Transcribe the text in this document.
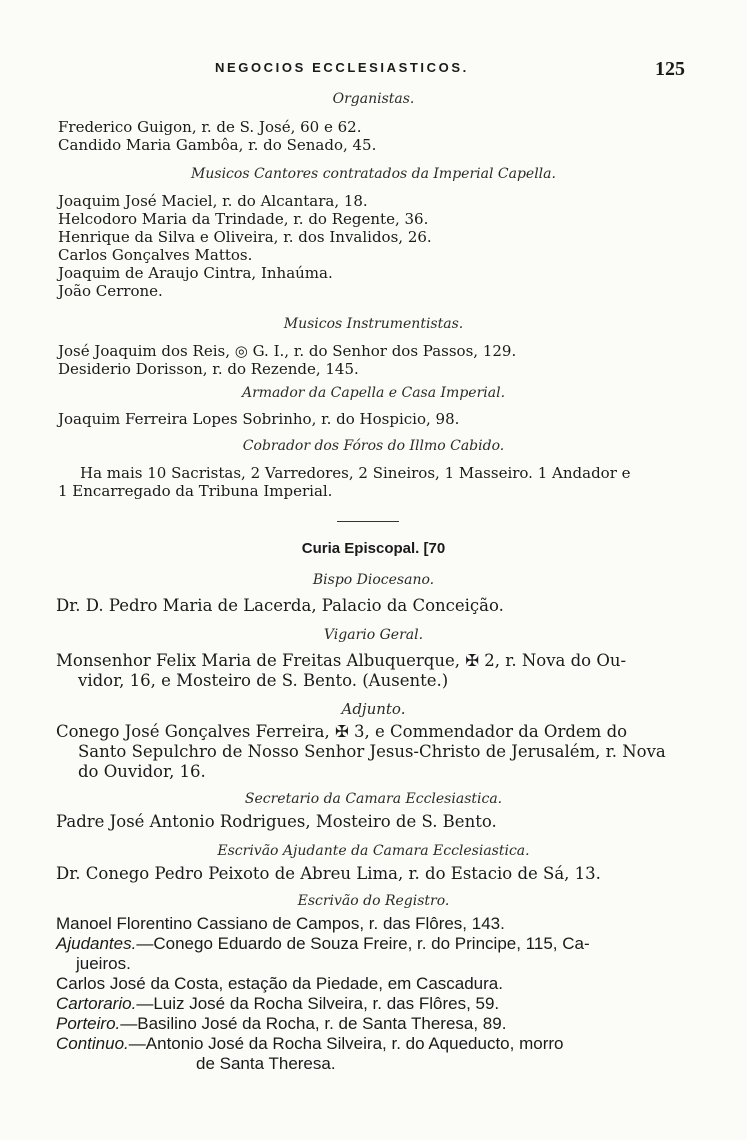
NEGOCIOS ECCLESIASTICOS.	125
Organistas.
Frederico Guigon, r. de S. José, 60 e 62.
Candido Maria Gambôa, r. do Senado, 45.
Musicos Cantores contratados da Imperial Capella.
Joaquim José Maciel, r. do Alcantara, 18.
Helcodoro Maria da Trindade, r. do Regente, 36.
Henrique da Silva e Oliveira, r. dos Invalidos, 26.
Carlos Gonçalves Mattos.
Joaquim de Araujo Cintra, Inhaúma.
João Cerrone.
Musicos Instrumentistas.
José Joaquim dos Reis, ◎ G. I., r. do Senhor dos Passos, 129.
Desiderio Dorisson, r. do Rezende, 145.
Armador da Capella e Casa Imperial.
Joaquim Ferreira Lopes Sobrinho, r. do Hospicio, 98.
Cobrador dos Fóros do Illmo Cabido.
Ha mais 10 Sacristas, 2 Varredores, 2 Sineiros, 1 Masseiro. 1 Andador e
1 Encarregado da Tribuna Imperial.
Curia Episcopal. [70
Bispo Diocesano.
Dr. D. Pedro Maria de Lacerda, Palacio da Conceição.
Vigario Geral.
Monsenhor Felix Maria de Freitas Albuquerque, ✠ 2, r. Nova do Ou-
vidor, 16, e Mosteiro de S. Bento. (Ausente.)
Adjunto.
Conego José Gonçalves Ferreira, ✠ 3, e Commendador da Ordem do
Santo Sepulchro de Nosso Senhor Jesus-Christo de Jerusalém, r. Nova
do Ouvidor, 16.
Secretario da Camara Ecclesiastica.
Padre José Antonio Rodrigues, Mosteiro de S. Bento.
Escrivão Ajudante da Camara Ecclesiastica.
Dr. Conego Pedro Peixoto de Abreu Lima, r. do Estacio de Sá, 13.
Escrivão do Registro.
Manoel Florentino Cassiano de Campos, r. das Flôres, 143.
Ajudantes.—Conego Eduardo de Souza Freire, r. do Principe, 115, Ca-
jueiros.
Carlos José da Costa, estação da Piedade, em Cascadura.
Cartorario.—Luiz José da Rocha Silveira, r. das Flôres, 59.
Porteiro.—Basilino José da Rocha, r. de Santa Theresa, 89.
Continuo.—Antonio José da Rocha Silveira, r. do Aqueducto, morro
de Santa Theresa.
